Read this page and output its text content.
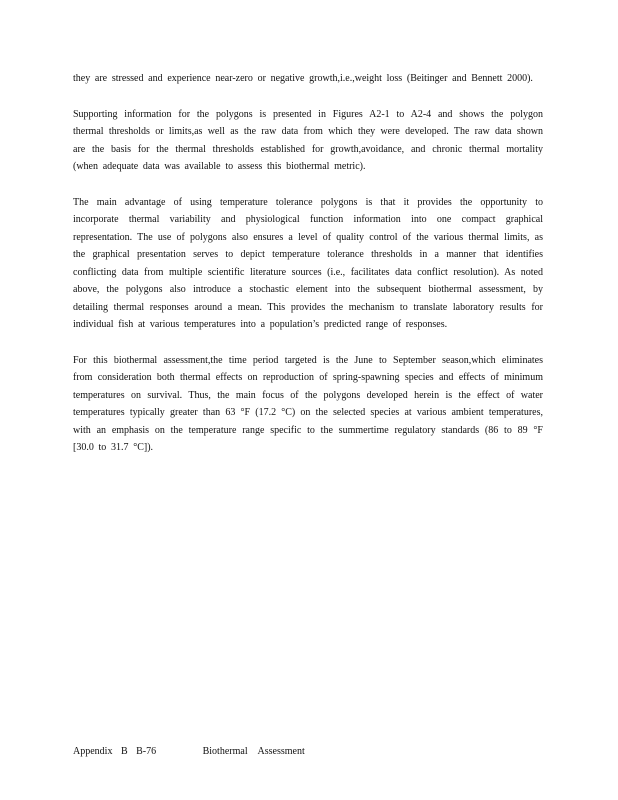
they are stressed and experience near-zero or negative growth,i.e.,weight loss (Beitinger and Bennett 2000).

Supporting information for the polygons is presented in Figures A2-1 to A2-4 and shows the polygon thermal thresholds or limits,as well as the raw data from which they were developed. The raw data shown are the basis for the thermal thresholds established for growth,avoidance, and chronic thermal mortality (when adequate data was available to assess this biothermal metric).

The main advantage of using temperature tolerance polygons is that it provides the opportunity to incorporate thermal variability and physiological function information into one compact graphical representation. The use of polygons also ensures a level of quality control of the various thermal limits, as the graphical presentation serves to depict temperature tolerance thresholds in a manner that identifies conflicting data from multiple scientific literature sources (i.e., facilitates data conflict resolution). As noted above, the polygons also introduce a stochastic element into the subsequent biothermal assessment, by detailing thermal responses around a mean. This provides the mechanism to translate laboratory results for individual fish at various temperatures into a population’s predicted range of responses.

For this biothermal assessment,the time period targeted is the June to September season,which eliminates from consideration both thermal effects on reproduction of spring-spawning species and effects of minimum temperatures on survival. Thus, the main focus of the polygons developed herein is the effect of water temperatures typically greater than 63 °F (17.2 °C) on the selected species at various ambient temperatures, with an emphasis on the temperature range specific to the summertime regulatory standards (86 to 89 °F [30.0 to 31.7 °C]).

Appendix B B-76	Biothermal Assessment
